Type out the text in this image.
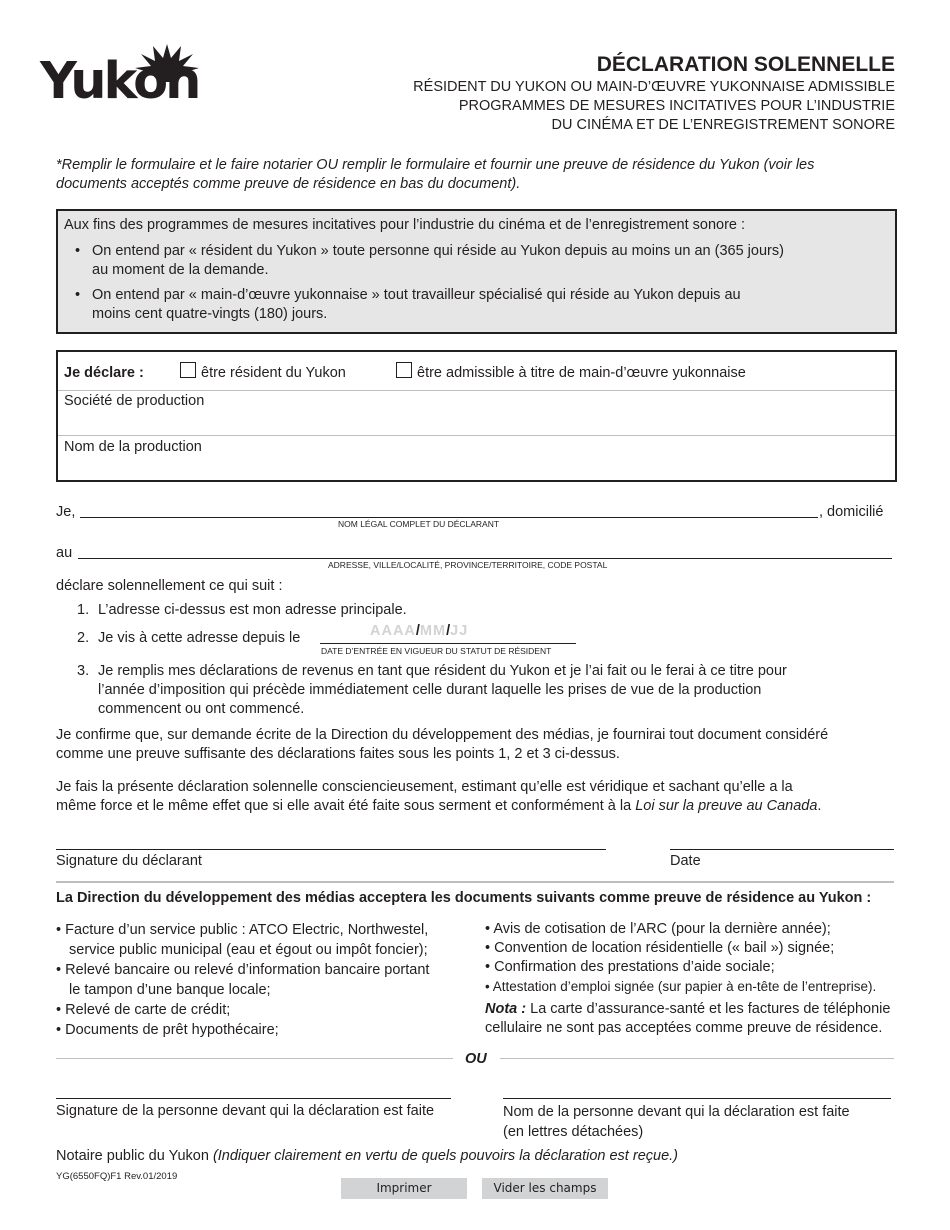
Yukon	DÉCLARATION SOLENNELLE
RÉSIDENT DU YUKON OU MAIN-D’ŒUVRE YUKONNAISE ADMISSIBLE
PROGRAMMES DE MESURES INCITATIVES POUR L’INDUSTRIE
DU CINÉMA ET DE L’ENREGISTREMENT SONORE
*Remplir le formulaire et le faire notarier OU remplir le formulaire et fournir une preuve de résidence du Yukon (voir les
documents acceptés comme preuve de résidence en bas du document).
Aux fins des programmes de mesures incitatives pour l’industrie du cinéma et de l’enregistrement sonore :
• On entend par « résident du Yukon » toute personne qui réside au Yukon depuis au moins un an (365 jours)
au moment de la demande.
• On entend par « main-d’œuvre yukonnaise » tout travailleur spécialisé qui réside au Yukon depuis au
moins cent quatre-vingts (180) jours.
Je déclare :	être résident du Yukon	être admissible à titre de main-d’œuvre yukonnaise
Société de production
Nom de la production
Je,	, domicilié
NOM LÉGAL COMPLET DU DÉCLARANT
au
ADRESSE, VILLE/LOCALITÉ, PROVINCE/TERRITOIRE, CODE POSTAL
déclare solennellement ce qui suit :
1. L’adresse ci-dessus est mon adresse principale.
2. Je vis à cette adresse depuis le	AAAA/MM/JJ
DATE D’ENTRÉE EN VIGUEUR DU STATUT DE RÉSIDENT
3. Je remplis mes déclarations de revenus en tant que résident du Yukon et je l’ai fait ou le ferai à ce titre pour
l’année d’imposition qui précède immédiatement celle durant laquelle les prises de vue de la production
commencent ou ont commencé.
Je confirme que, sur demande écrite de la Direction du développement des médias, je fournirai tout document considéré
comme une preuve suffisante des déclarations faites sous les points 1, 2 et 3 ci-dessus.
Je fais la présente déclaration solennelle consciencieusement, estimant qu’elle est véridique et sachant qu’elle a la
même force et le même effet que si elle avait été faite sous serment et conformément à la Loi sur la preuve au Canada.
Signature du déclarant	Date
La Direction du développement des médias acceptera les documents suivants comme preuve de résidence au Yukon :
• Facture d’un service public : ATCO Electric, Northwestel,
service public municipal (eau et égout ou impôt foncier);
• Relevé bancaire ou relevé d’information bancaire portant
le tampon d’une banque locale;
• Relevé de carte de crédit;
• Documents de prêt hypothécaire;
• Avis de cotisation de l’ARC (pour la dernière année);
• Convention de location résidentielle (« bail ») signée;
• Confirmation des prestations d’aide sociale;
• Attestation d’emploi signée (sur papier à en-tête de l’entreprise).
Nota : La carte d’assurance-santé et les factures de téléphonie
cellulaire ne sont pas acceptées comme preuve de résidence.
OU
Signature de la personne devant qui la déclaration est faite	Nom de la personne devant qui la déclaration est faite
(en lettres détachées)
Notaire public du Yukon (Indiquer clairement en vertu de quels pouvoirs la déclaration est reçue.)
YG(6550FQ)F1 Rev.01/2019
Imprimer	Vider les champs
